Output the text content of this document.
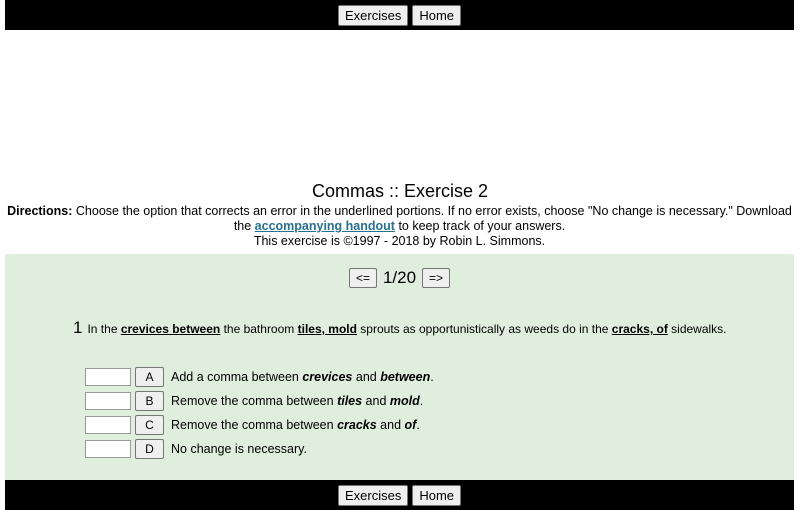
Exercises	Home
Commas :: Exercise 2
Directions: Choose the option that corrects an error in the underlined portions. If no error exists, choose "No change is necessary." Download the accompanying handout to keep track of your answers.
This exercise is ©1997 - 2018 by Robin L. Simmons.
<= 1/20	=>
1 In the crevices between the bathroom tiles, mold sprouts as opportunistically as weeds do in the cracks, of sidewalks.
A	Add a comma between crevices and between.
B	Remove the comma between tiles and mold.
C	Remove the comma between cracks and of.
D	No change is necessary.
Exercises	Home
